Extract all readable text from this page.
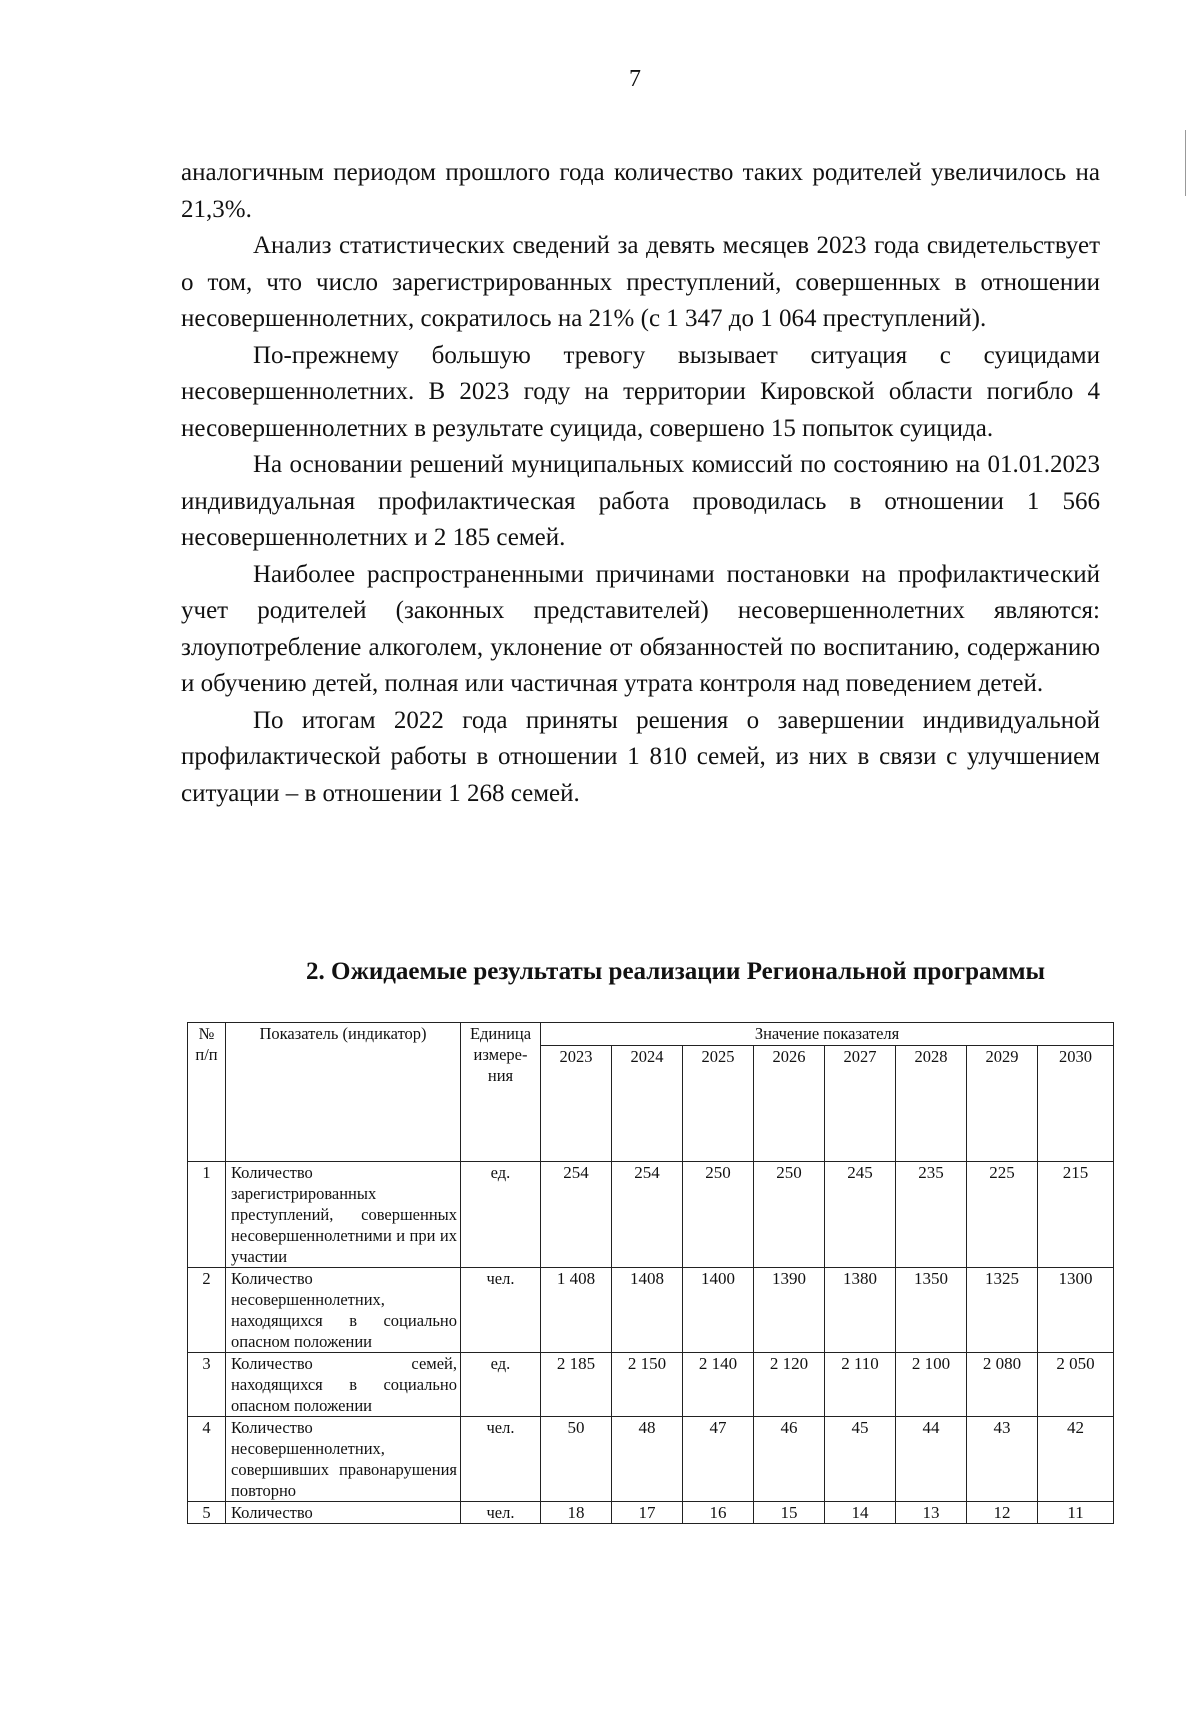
7

аналогичным периодом прошлого года количество таких родителей увеличилось на 21,3%.

Анализ статистических сведений за девять месяцев 2023 года свидетельствует о том, что число зарегистрированных преступлений, совершенных в отношении несовершеннолетних, сократилось на 21% (с 1 347 до 1 064 преступлений).

По-прежнему большую тревогу вызывает ситуация с суицидами несовершеннолетних. В 2023 году на территории Кировской области погибло 4 несовершеннолетних в результате суицида, совершено 15 попыток суицида.

На основании решений муниципальных комиссий по состоянию на 01.01.2023 индивидуальная профилактическая работа проводилась в отношении 1 566 несовершеннолетних и 2 185 семей.

Наиболее распространенными причинами постановки на профилактический учет родителей (законных представителей) несовершеннолетних являются: злоупотребление алкоголем, уклонение от обязанностей по воспитанию, содержанию и обучению детей, полная или частичная утрата контроля над поведением детей.

По итогам 2022 года приняты решения о завершении индивидуальной профилактической работы в отношении 1 810 семей, из них в связи с улучшением ситуации – в отношении 1 268 семей.

2. Ожидаемые результаты реализации Региональной программы
№ п/п	Показатель (индикатор)	Единица измере-ния	Значение показателя							
			2023	2024	2025	2026	2027	2028	2029	2030
1	Количество зарегистрированных преступлений, совершенных несовершеннолетними и при их участии	ед.	254	254	250	250	245	235	225	215
2	Количество несовершеннолетних, находящихся в социально опасном положении	чел.	1 408	1408	1400	1390	1380	1350	1325	1300
3	Количество семей, находящихся в социально опасном положении	ед.	2 185	2 150	2 140	2 120	2 110	2 100	2 080	2 050
4	Количество несовершеннолетних, совершивших правонарушения повторно	чел.	50	48	47	46	45	44	43	42
5	Количество	чел.	18	17	16	15	14	13	12	11
